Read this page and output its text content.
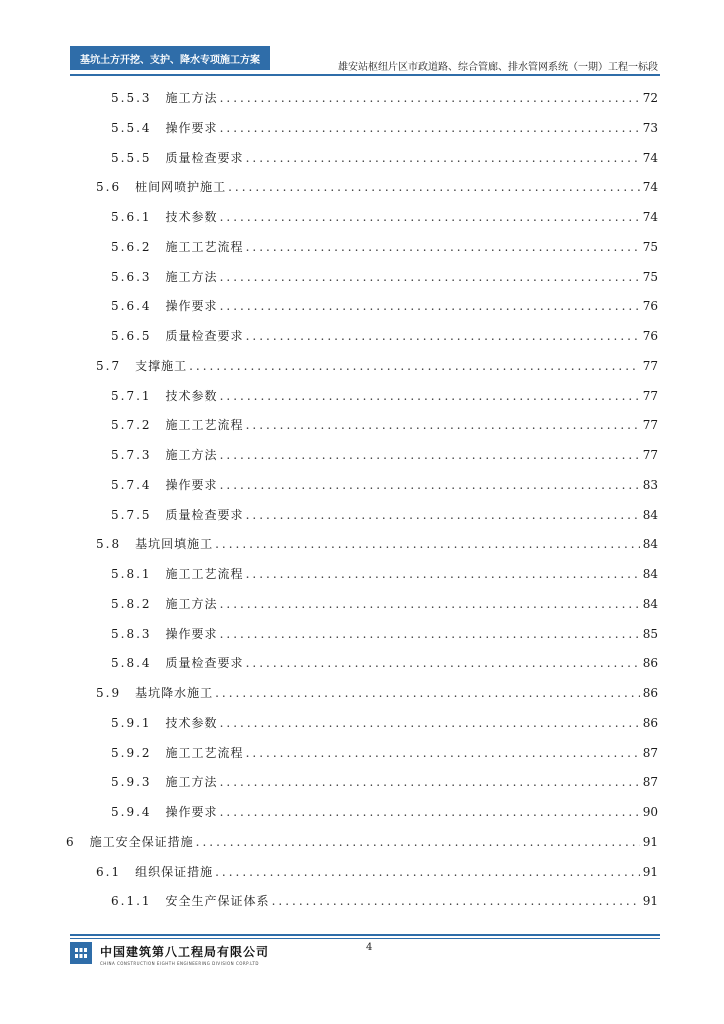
基坑土方开挖、支护、降水专项施工方案
雄安站枢纽片区市政道路、综合管廊、排水管网系统（一期）工程一标段
5.5.3 施工方法 .....	72
5.5.4 操作要求 .....	73
5.5.5 质量检查要求 .....	74
5.6 桩间网喷护施工 .....	74
5.6.1 技术参数 .....	74
5.6.2 施工工艺流程 .....	75
5.6.3 施工方法 .....	75
5.6.4 操作要求 .....	76
5.6.5 质量检查要求 .....	76
5.7 支撑施工 .....	77
5.7.1 技术参数 .....	77
5.7.2 施工工艺流程 .....	77
5.7.3 施工方法 .....	77
5.7.4 操作要求 .....	83
5.7.5 质量检查要求 .....	84
5.8 基坑回填施工 .....	84
5.8.1 施工工艺流程 .....	84
5.8.2 施工方法 .....	84
5.8.3 操作要求 .....	85
5.8.4 质量检查要求 .....	86
5.9 基坑降水施工 .....	86
5.9.1 技术参数 .....	86
5.9.2 施工工艺流程 .....	87
5.9.3 施工方法 .....	87
5.9.4 操作要求 .....	90
6 施工安全保证措施 .....	91
6.1 组织保证措施 .....	91
6.1.1 安全生产保证体系 .....	91
中国建筑第八工程局有限公司
CHINA CONSTRUCTION EIGHTH ENGINEERING DIVISION CORP.LTD
4
